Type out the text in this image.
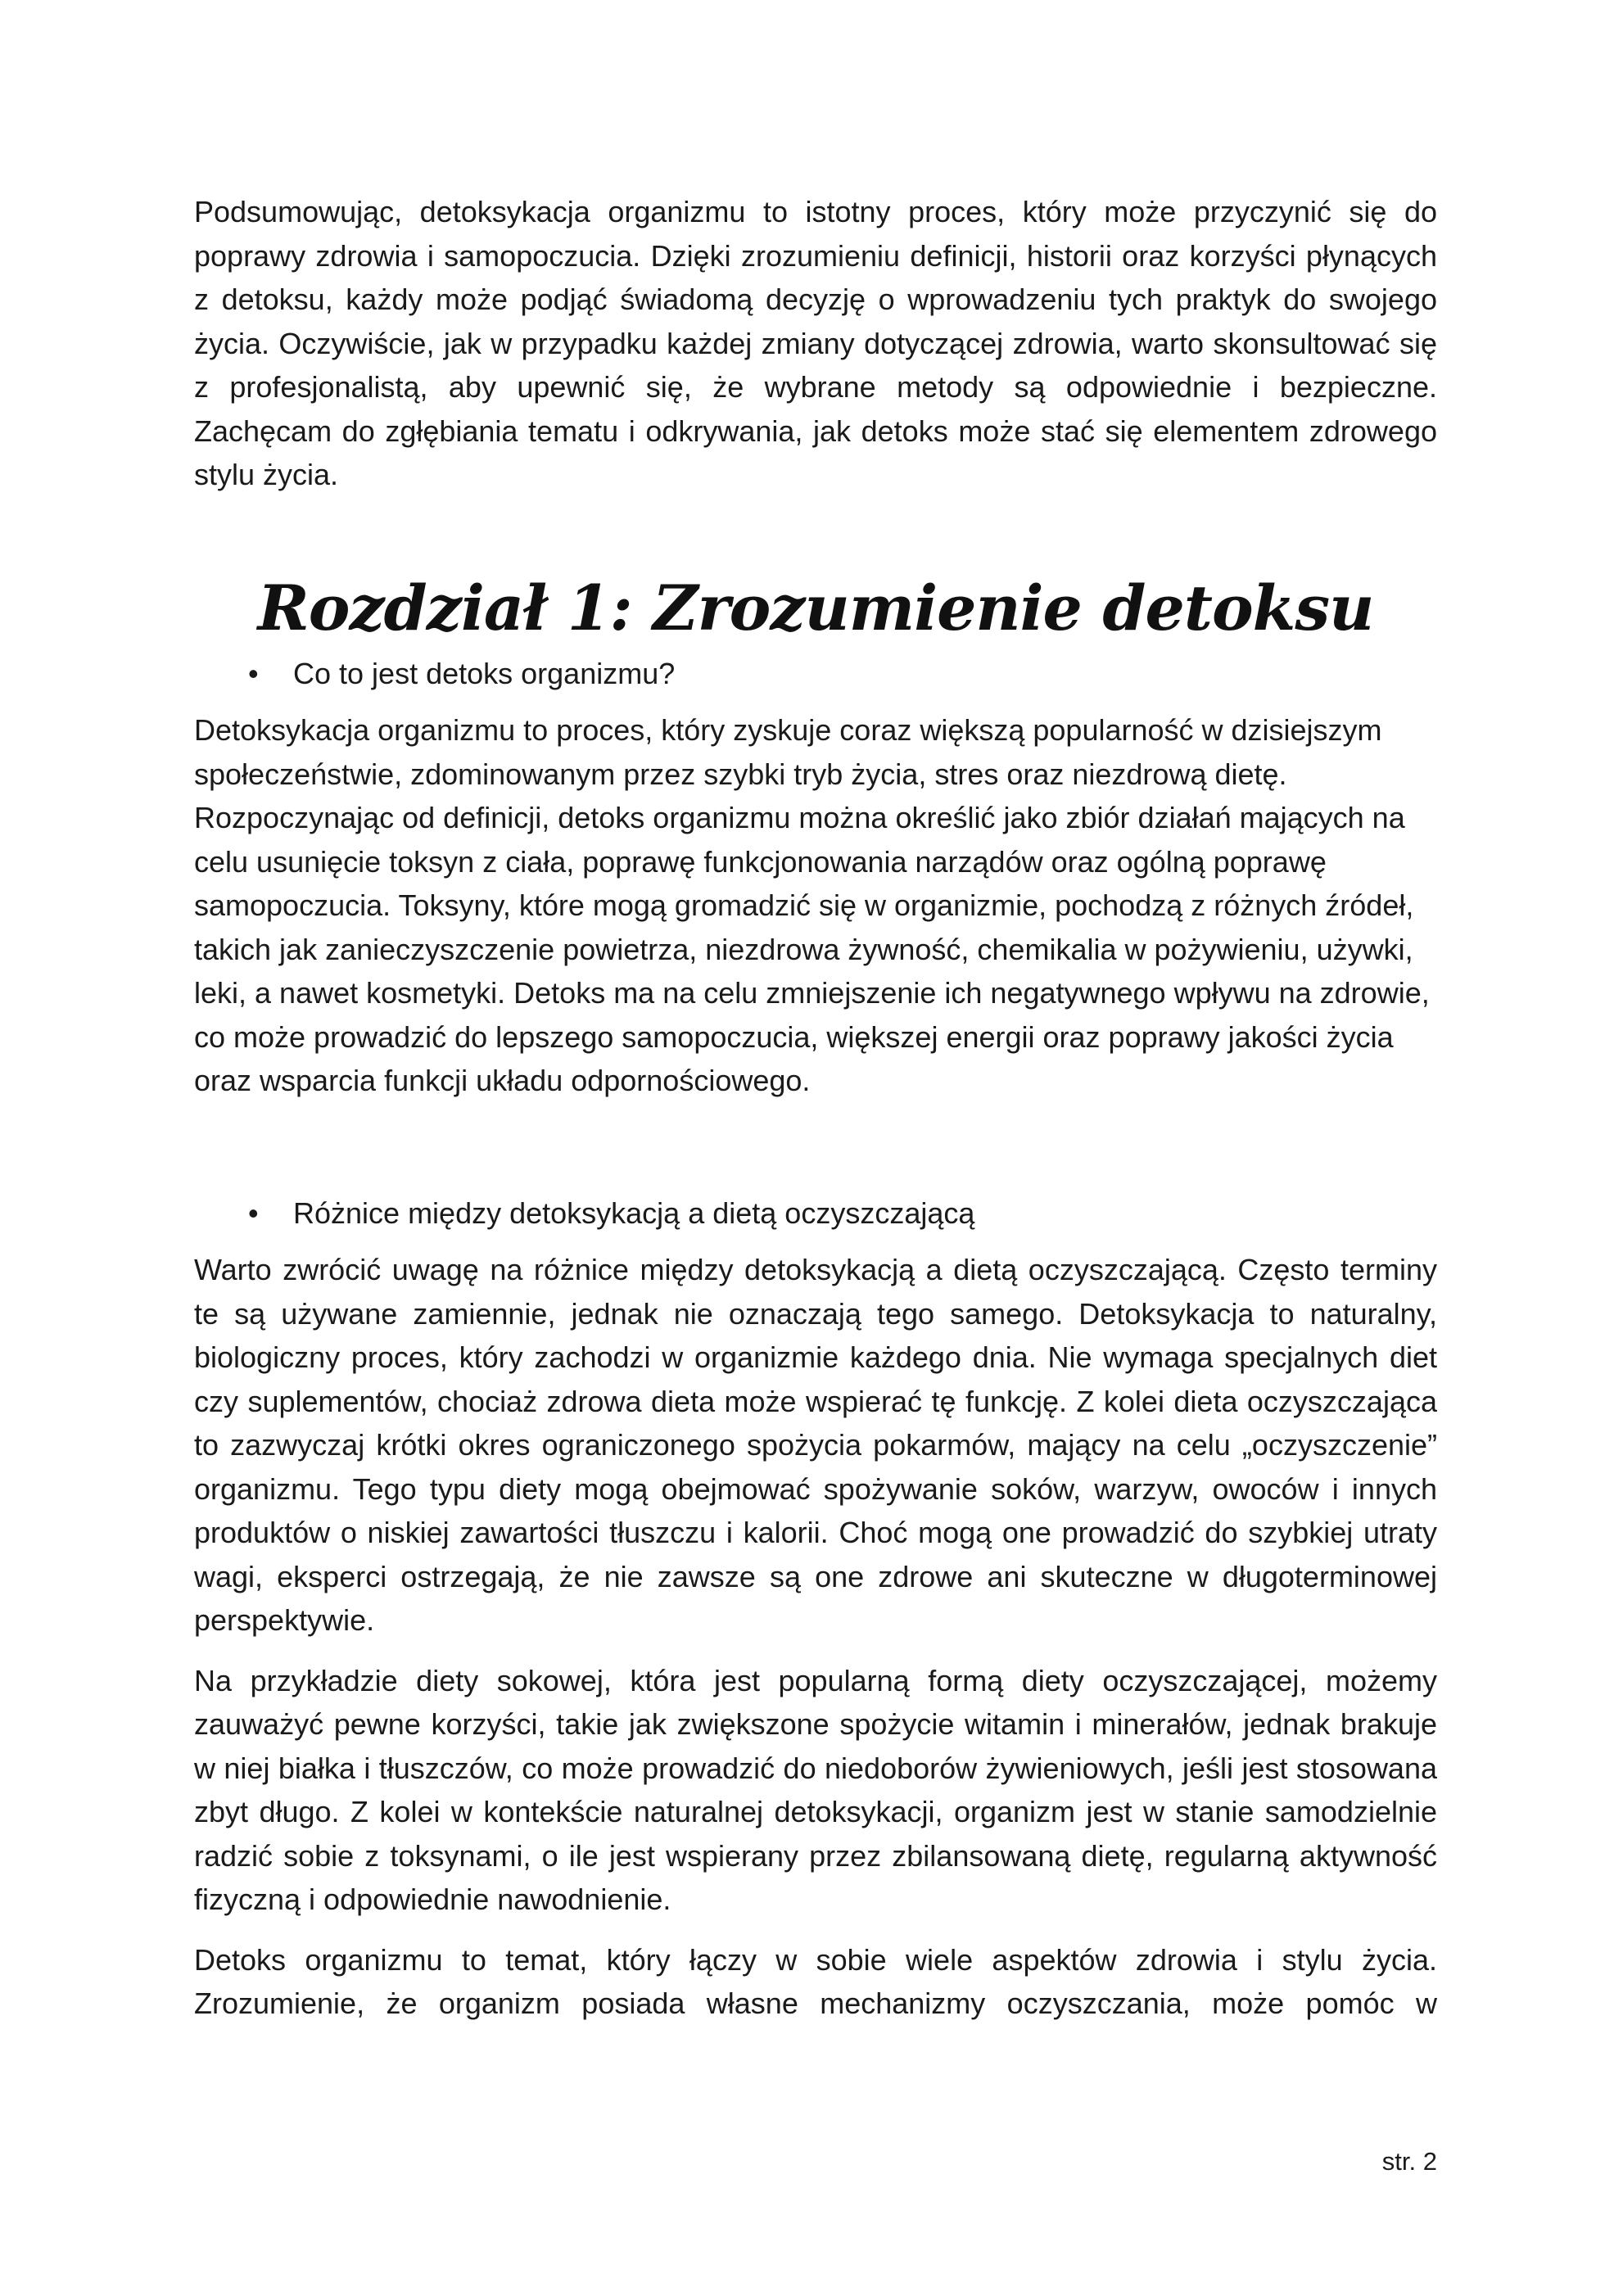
Podsumowując, detoksykacja organizmu to istotny proces, który może przyczynić się do poprawy zdrowia i samopoczucia. Dzięki zrozumieniu definicji, historii oraz korzyści płynących z detoksu, każdy może podjąć świadomą decyzję o wprowadzeniu tych praktyk do swojego życia. Oczywiście, jak w przypadku każdej zmiany dotyczącej zdrowia, warto skonsultować się z profesjonalistą, aby upewnić się, że wybrane metody są odpowiednie i bezpieczne. Zachęcam do zgłębiania tematu i odkrywania, jak detoks może stać się elementem zdrowego stylu życia.

Rozdział 1: Zrozumienie detoksu
•	Co to jest detoks organizmu?

Detoksykacja organizmu to proces, który zyskuje coraz większą popularność w dzisiejszym społeczeństwie, zdominowanym przez szybki tryb życia, stres oraz niezdrową dietę. Rozpoczynając od definicji, detoks organizmu można określić jako zbiór działań mających na celu usunięcie toksyn z ciała, poprawę funkcjonowania narządów oraz ogólną poprawę samopoczucia. Toksyny, które mogą gromadzić się w organizmie, pochodzą z różnych źródeł, takich jak zanieczyszczenie powietrza, niezdrowa żywność, chemikalia w pożywieniu, używki, leki, a nawet kosmetyki. Detoks ma na celu zmniejszenie ich negatywnego wpływu na zdrowie, co może prowadzić do lepszego samopoczucia, większej energii oraz poprawy jakości życia oraz wsparcia funkcji układu odpornościowego.

•	Różnice między detoksykacją a dietą oczyszczającą

Warto zwrócić uwagę na różnice między detoksykacją a dietą oczyszczającą. Często terminy te są używane zamiennie, jednak nie oznaczają tego samego. Detoksykacja to naturalny, biologiczny proces, który zachodzi w organizmie każdego dnia. Nie wymaga specjalnych diet czy suplementów, chociaż zdrowa dieta może wspierać tę funkcję. Z kolei dieta oczyszczająca to zazwyczaj krótki okres ograniczonego spożycia pokarmów, mający na celu „oczyszczenie” organizmu. Tego typu diety mogą obejmować spożywanie soków, warzyw, owoców i innych produktów o niskiej zawartości tłuszczu i kalorii. Choć mogą one prowadzić do szybkiej utraty wagi, eksperci ostrzegają, że nie zawsze są one zdrowe ani skuteczne w długoterminowej perspektywie.

Na przykładzie diety sokowej, która jest popularną formą diety oczyszczającej, możemy zauważyć pewne korzyści, takie jak zwiększone spożycie witamin i minerałów, jednak brakuje w niej białka i tłuszczów, co może prowadzić do niedoborów żywieniowych, jeśli jest stosowana zbyt długo. Z kolei w kontekście naturalnej detoksykacji, organizm jest w stanie samodzielnie radzić sobie z toksynami, o ile jest wspierany przez zbilansowaną dietę, regularną aktywność fizyczną i odpowiednie nawodnienie.

Detoks organizmu to temat, który łączy w sobie wiele aspektów zdrowia i stylu życia. Zrozumienie, że organizm posiada własne mechanizmy oczyszczania, może pomóc w

str. 2
